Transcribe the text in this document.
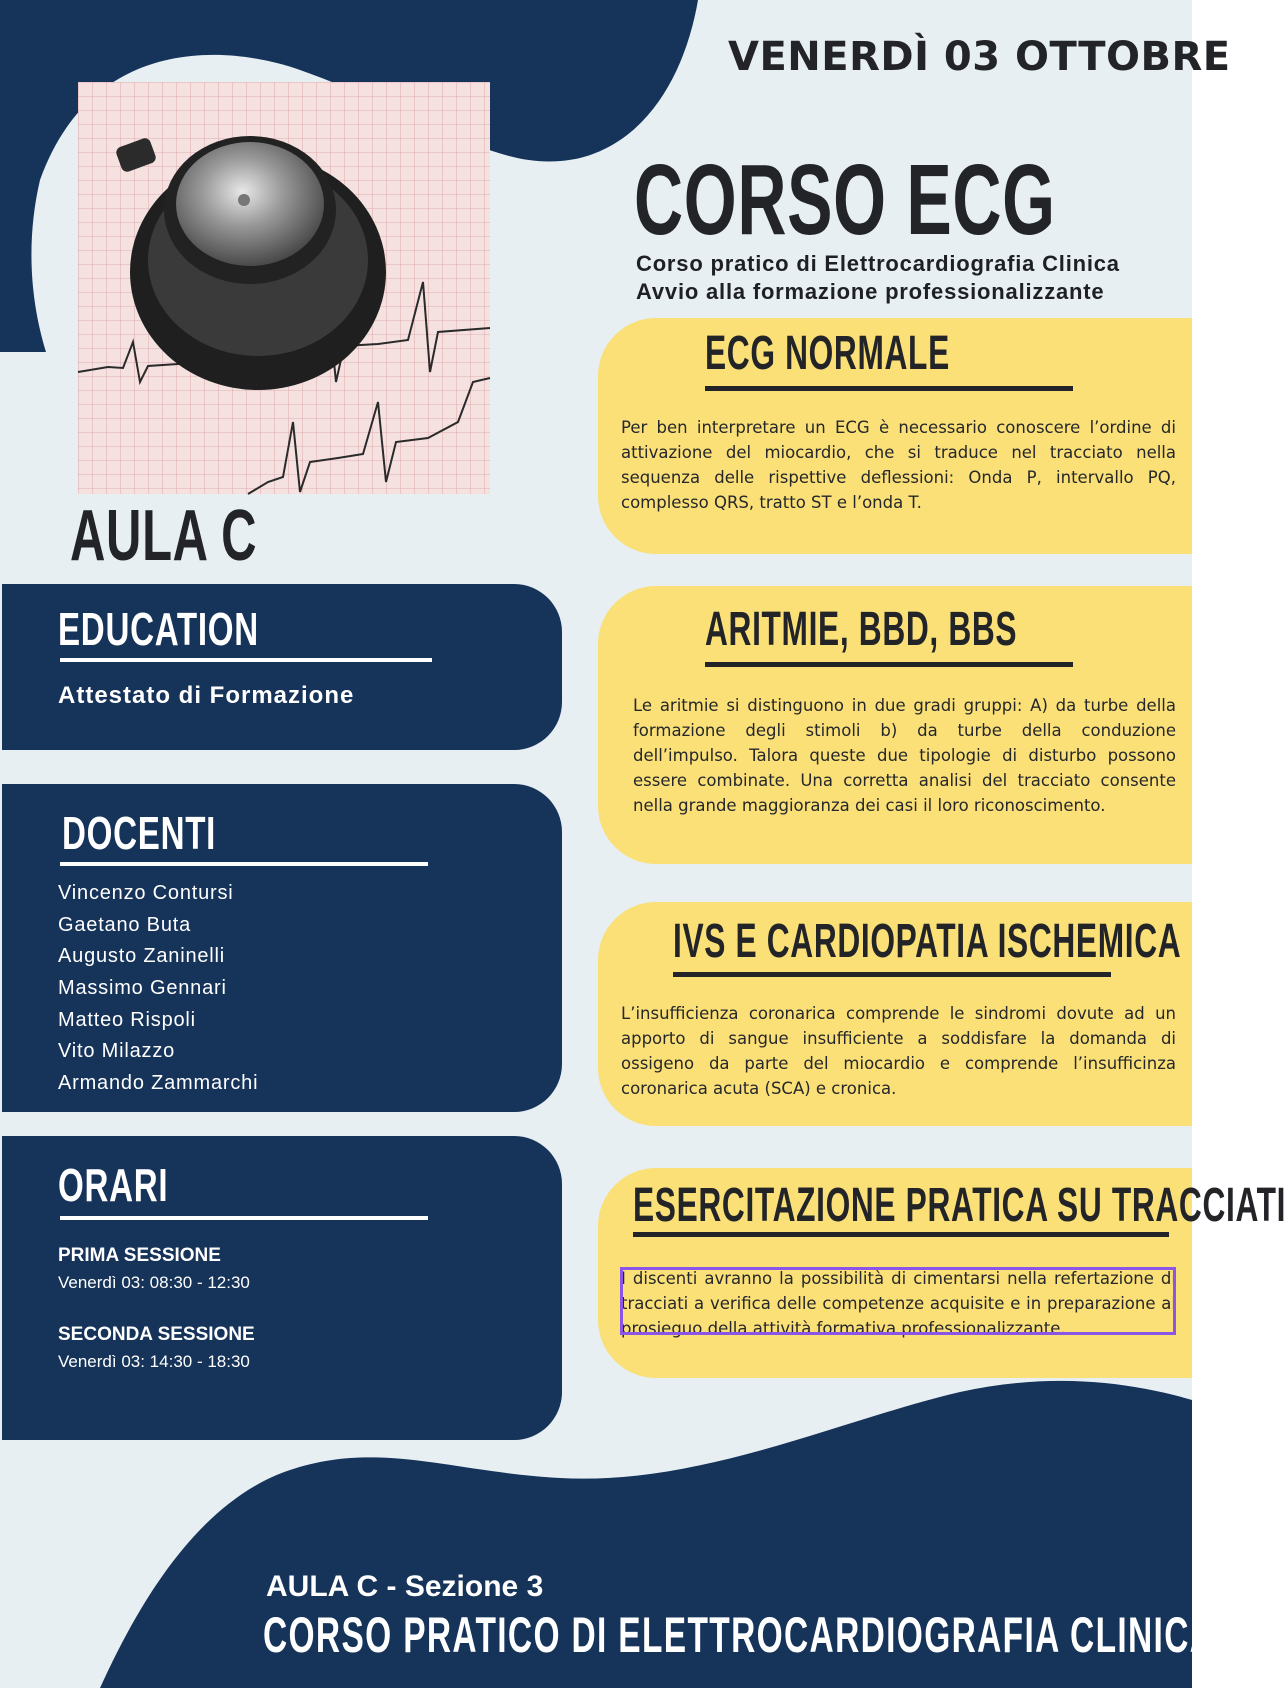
VENERDÌ 03 OTTOBRE
CORSO ECG
Corso pratico di Elettrocardiografia Clinica
Avvio alla formazione professionalizzante
AULA C
EDUCATION
Attestato di Formazione
DOCENTI
Vincenzo Contursi
Gaetano Buta
Augusto Zaninelli
Massimo Gennari
Matteo Rispoli
Vito Milazzo
Armando Zammarchi
ORARI
PRIMA SESSIONE
Venerdì 03: 08:30 - 12:30
SECONDA SESSIONE
Venerdì 03: 14:30 - 18:30
ECG NORMALE
Per ben interpretare un ECG è necessario conoscere l’ordine di attivazione del miocardio, che si traduce nel tracciato nella sequenza delle rispettive deflessioni: Onda P, intervallo PQ, complesso QRS, tratto ST e l’onda T.
ARITMIE, BBD, BBS
Le aritmie si distinguono in due gradi gruppi: A) da turbe della formazione degli stimoli b) da turbe della conduzione dell’impulso. Talora queste due tipologie di disturbo possono essere combinate. Una corretta analisi del tracciato consente nella grande maggioranza dei casi il loro riconoscimento.
IVS E CARDIOPATIA ISCHEMICA
L’insufficienza coronarica comprende le sindromi dovute ad un apporto di sangue insufficiente a soddisfare la domanda di ossigeno da parte del miocardio e comprende l’insufficinza coronarica acuta (SCA) e cronica.
ESERCITAZIONE PRATICA SU TRACCIATI
I discenti avranno la possibilità di cimentarsi nella refertazione di tracciati a verifica delle competenze acquisite e in preparazione al prosieguo della attività formativa professionalizzante.
AULA C - Sezione 3
CORSO PRATICO DI ELETTROCARDIOGRAFIA CLINICA
